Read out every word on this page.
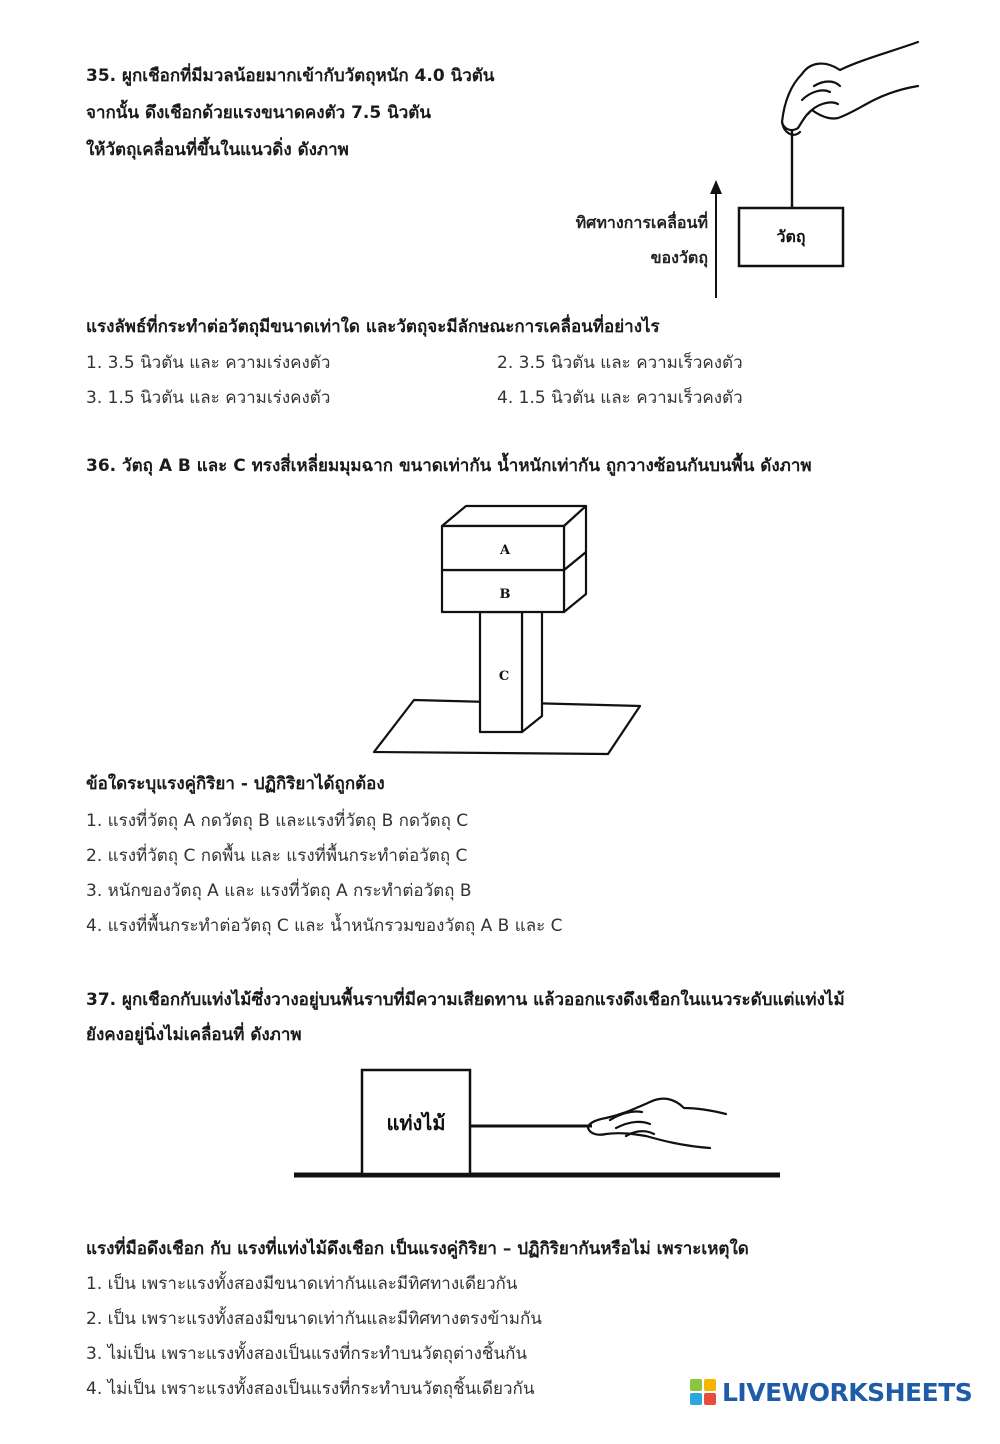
35. ผูกเชือกที่มีมวลน้อยมากเข้ากับวัตถุหนัก 4.0 นิวตัน
จากนั้น ดึงเชือกด้วยแรงขนาดคงตัว 7.5 นิวตัน
ให้วัตถุเคลื่อนที่ขึ้นในแนวดิ่ง ดังภาพ
วัตถุ
ทิศทางการเคลื่อนที่
ของวัตถุ
แรงลัพธ์ที่กระทำต่อวัตถุมีขนาดเท่าใด และวัตถุจะมีลักษณะการเคลื่อนที่อย่างไร
1. 3.5 นิวตัน และ ความเร่งคงตัว	2. 3.5 นิวตัน และ ความเร็วคงตัว
3. 1.5 นิวตัน และ ความเร่งคงตัว	4. 1.5 นิวตัน และ ความเร็วคงตัว
36. วัตถุ A B และ C ทรงสี่เหลี่ยมมุมฉาก ขนาดเท่ากัน น้ำหนักเท่ากัน ถูกวางซ้อนกันบนพื้น ดังภาพ
A
B
C
ข้อใดระบุแรงคู่กิริยา - ปฏิกิริยาได้ถูกต้อง
1. แรงที่วัตถุ A กดวัตถุ B และแรงที่วัตถุ B กดวัตถุ C
2. แรงที่วัตถุ C กดพื้น และ แรงที่พื้นกระทำต่อวัตถุ C
3. หนักของวัตถุ A และ แรงที่วัตถุ A กระทำต่อวัตถุ B
4. แรงที่พื้นกระทำต่อวัตถุ C และ น้ำหนักรวมของวัตถุ A B และ C
37. ผูกเชือกกับแท่งไม้ซึ่งวางอยู่บนพื้นราบที่มีความเสียดทาน แล้วออกแรงดึงเชือกในแนวระดับแต่แท่งไม้
ยังคงอยู่นิ่งไม่เคลื่อนที่ ดังภาพ
แท่งไม้
แรงที่มือดึงเชือก กับ แรงที่แท่งไม้ดึงเชือก เป็นแรงคู่กิริยา – ปฏิกิริยากันหรือไม่ เพราะเหตุใด
1. เป็น เพราะแรงทั้งสองมีขนาดเท่ากันและมีทิศทางเดียวกัน
2. เป็น เพราะแรงทั้งสองมีขนาดเท่ากันและมีทิศทางตรงข้ามกัน
3. ไม่เป็น เพราะแรงทั้งสองเป็นแรงที่กระทำบนวัตถุต่างชิ้นกัน
4. ไม่เป็น เพราะแรงทั้งสองเป็นแรงที่กระทำบนวัตถุชิ้นเดียวกัน	LIVEWORKSHEETS
